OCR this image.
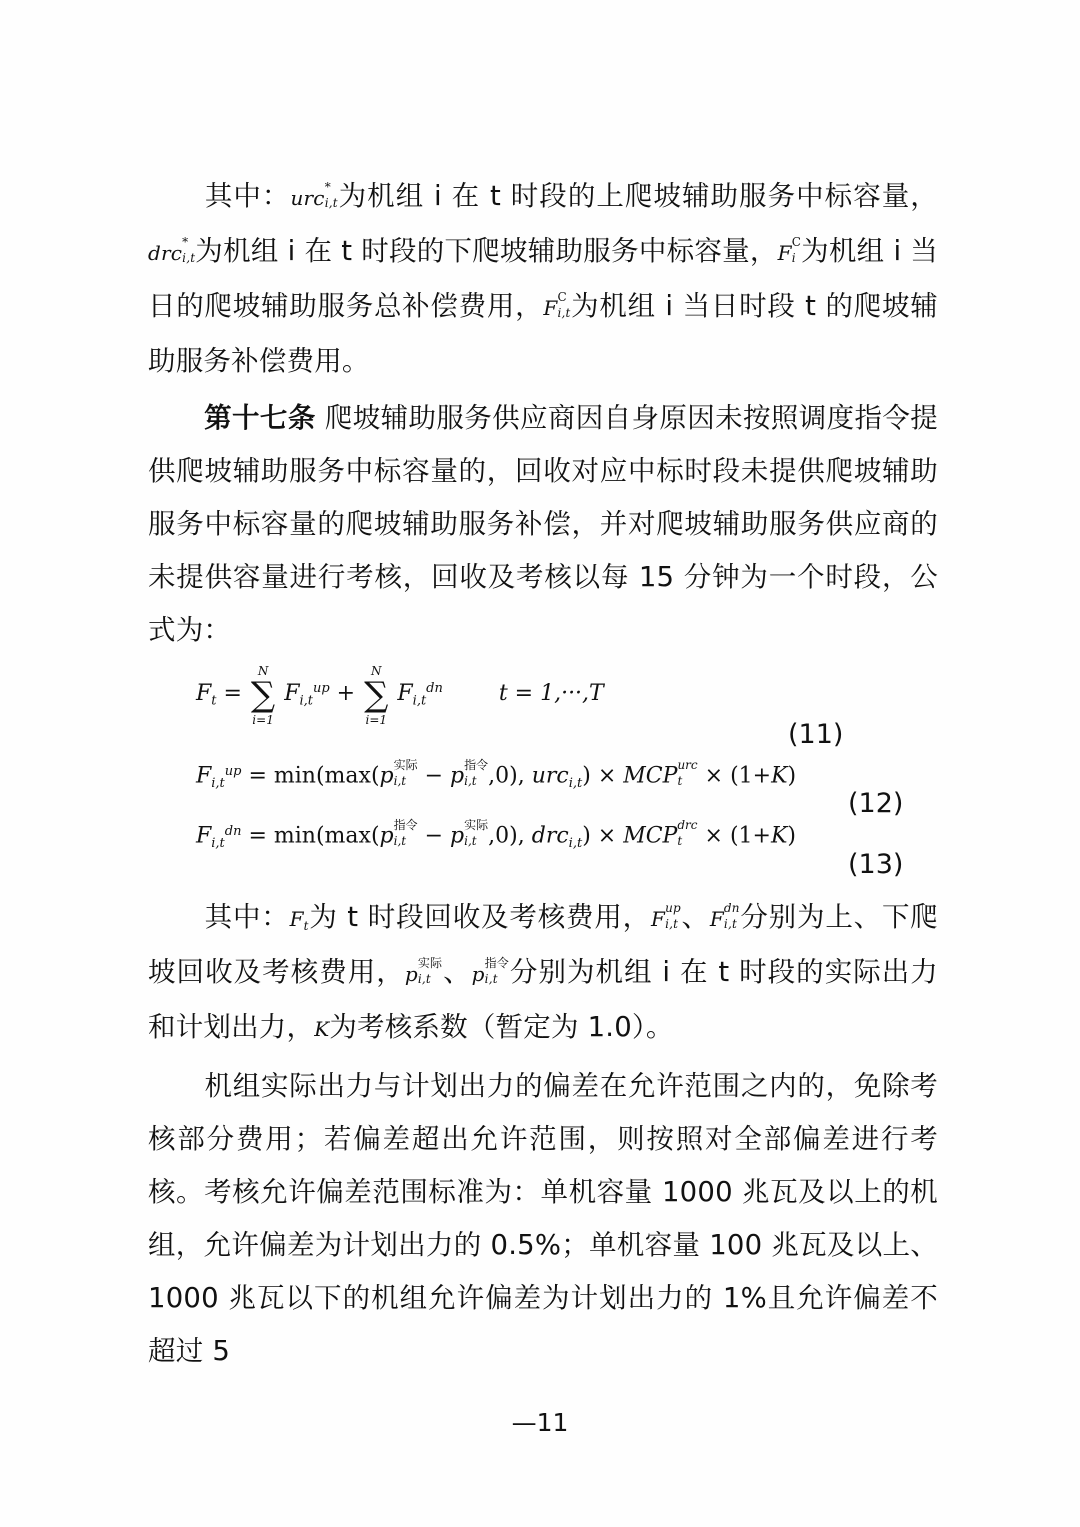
其中：urc *
i,t 为机组 i 在 t 时段的上爬坡辅助服务中标容量，drc *
i,t 为机组 i 在 t 时段的下爬坡辅助服务中标容量，F C
i 为机组 i 当日的爬坡辅助服务总补偿费用，F C
i,t 为机组 i 当日时段 t 的爬坡辅助服务补偿费用。

第十七条 爬坡辅助服务供应商因自身原因未按照调度指令提供爬坡辅助服务中标容量的，回收对应中标时段未提供爬坡辅助服务中标容量的爬坡辅助服务补偿，并对爬坡辅助服务供应商的未提供容量进行考核，回收及考核以每 15 分钟为一个时段，公式为：

$F_t$ = ∑
N
i=1
$F_{i,t}^{up}$ + ∑
N
i=1
$F_{i,t}^{dn}$        t = 1,···,T
(11)
$F_{i,t}^{up} = \min(\max(p$ 实际
i,t − p 指令
i,t ,0), urc$_{i,t}$) × MCP urc
t × (1+K)
(12)
$F_{i,t}^{dn} = \min(\max(p$ 指令
i,t − p 实际
i,t ,0), drc$_{i,t}$) × MCP drc
t × (1+K)
(13)

其中：$F_t$为 t 时段回收及考核费用，F up
i,t 、F dn
i,t 分别为上、下爬坡回收及考核费用，p 实际
i,t 、p 指令
i,t 分别为机组 i 在 t 时段的实际出力和计划出力，K为考核系数（暂定为 1.0）。

机组实际出力与计划出力的偏差在允许范围之内的，免除考核部分费用；若偏差超出允许范围，则按照对全部偏差进行考核。考核允许偏差范围标准为：单机容量 1000 兆瓦及以上的机组，允许偏差为计划出力的 0.5%；单机容量 100 兆瓦及以上、1000 兆瓦以下的机组允许偏差为计划出力的 1%且允许偏差不超过 5

—11
